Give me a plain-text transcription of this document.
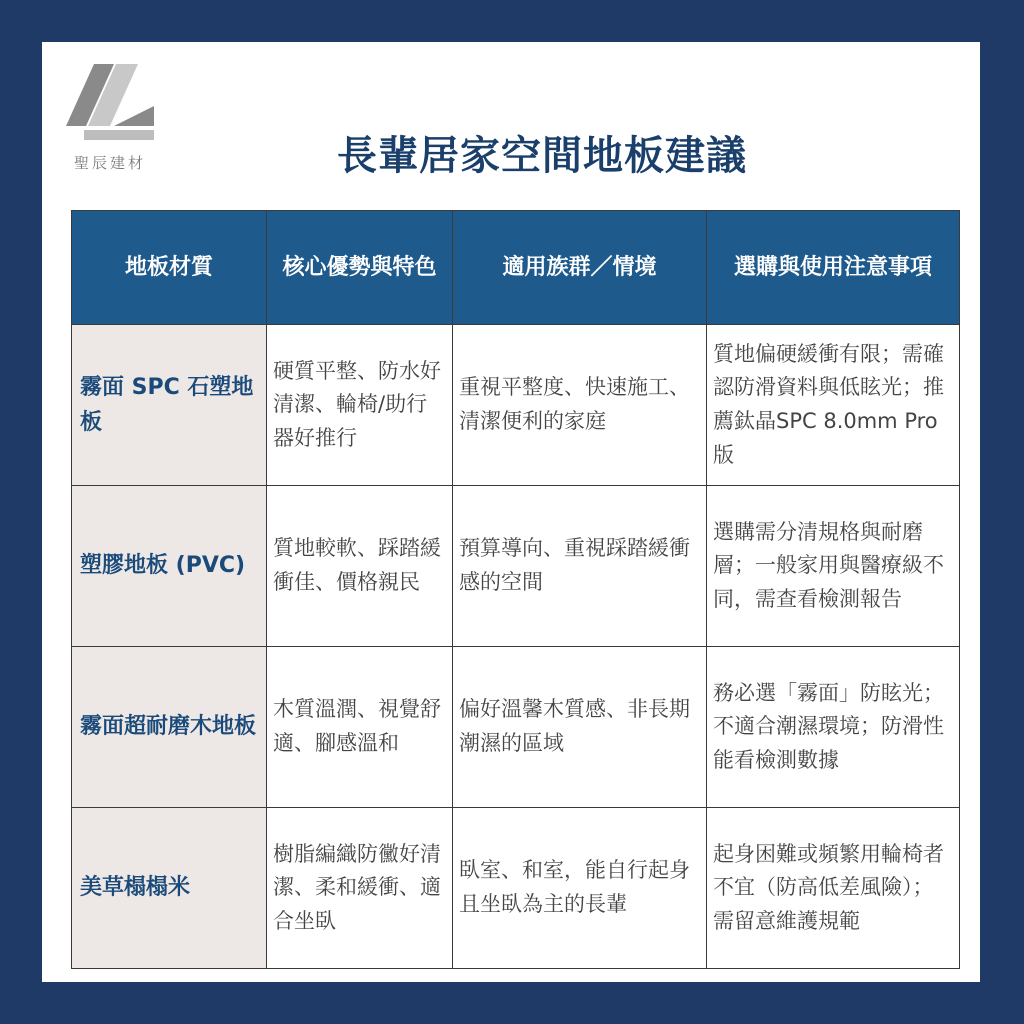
聖辰建材	長輩居家空間地板建議
地板材質	核心優勢與特色	適用族群／情境	選購與使用注意事項
霧面 SPC 石塑地板	硬質平整、防水好清潔、輪椅/助行器好推行	重視平整度、快速施工、清潔便利的家庭	質地偏硬緩衝有限；需確認防滑資料與低眩光；推薦鈦晶SPC 8.0mm Pro版
塑膠地板 (PVC)	質地較軟、踩踏緩衝佳、價格親民	預算導向、重視踩踏緩衝感的空間	選購需分清規格與耐磨層；一般家用與醫療級不同，需查看檢測報告
霧面超耐磨木地板	木質溫潤、視覺舒適、腳感溫和	偏好溫馨木質感、非長期潮濕的區域	務必選「霧面」防眩光；不適合潮濕環境；防滑性能看檢測數據
美草榻榻米	樹脂編織防黴好清潔、柔和緩衝、適合坐臥	臥室、和室，能自行起身且坐臥為主的長輩	起身困難或頻繁用輪椅者不宜（防高低差風險）；需留意維護規範
